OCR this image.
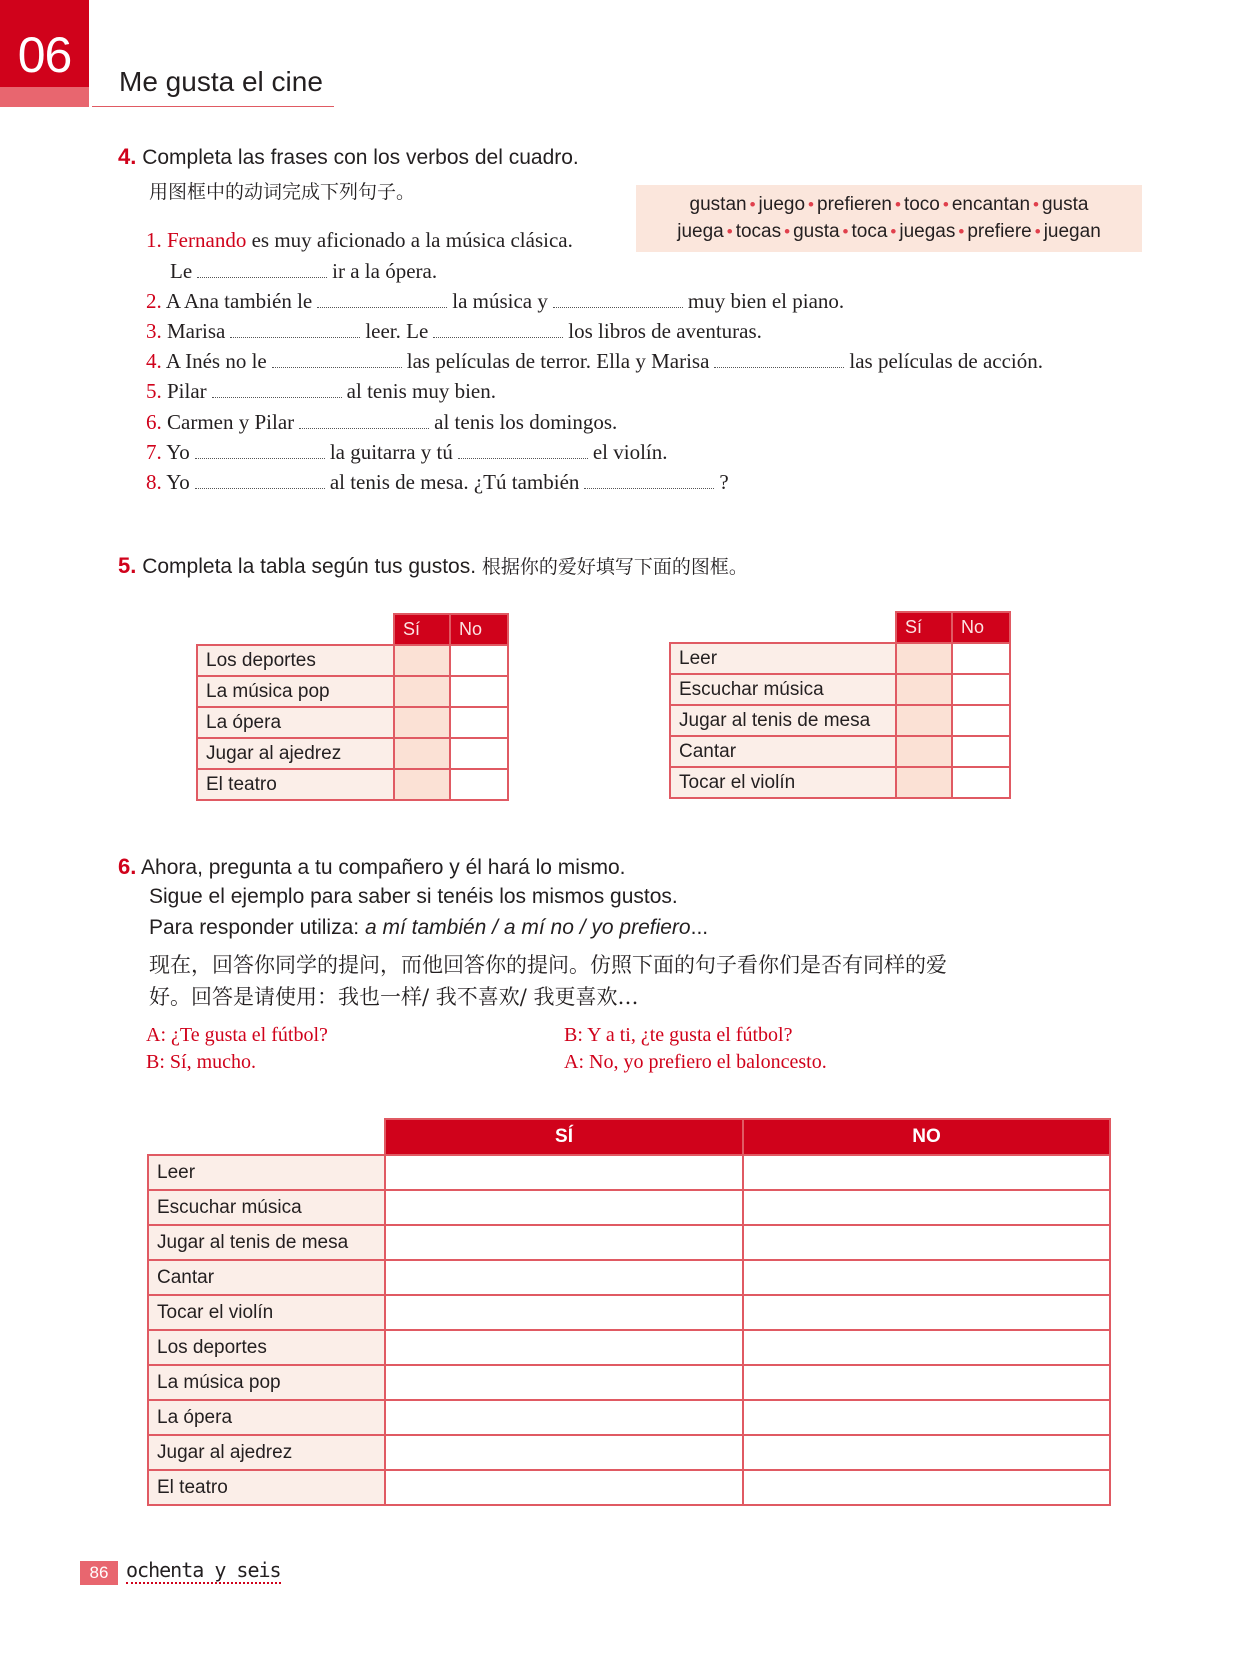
06	Me gusta el cine
4. Completa las frases con los verbos del cuadro.
用图框中的动词完成下列句子。
gustan • juego • prefieren • toco • encantan • gusta
juega • tocas • gusta • toca • juegas • prefiere • juegan
1. Fernando es muy aficionado a la música clásica.
Le	ir a la ópera.
2. A Ana también le	la música y	muy bien el piano.
3. Marisa	leer. Le	los libros de aventuras.
4. A Inés no le	las películas de terror. Ella y Marisa	las películas de acción.
5. Pilar	al tenis muy bien.
6. Carmen y Pilar	al tenis los domingos.
7. Yo	la guitarra y tú	el violín.
8. Yo	al tenis de mesa. ¿Tú también	?
5. Completa la tabla según tus gustos. 根据你的爱好填写下面的图框。
	Sí	No
Los deportes		
La música pop		
La ópera		
Jugar al ajedrez		
El teatro		
	Sí	No
Leer		
Escuchar música		
Jugar al tenis de mesa		
Cantar		
Tocar el violín		
6. Ahora, pregunta a tu compañero y él hará lo mismo.
Sigue el ejemplo para saber si tenéis los mismos gustos.
Para responder utiliza: a mí también / a mí no / yo prefiero...
现在，回答你同学的提问，而他回答你的提问。仿照下面的句子看你们是否有同样的爱
好。回答是请使用：我也一样/ 我不喜欢/ 我更喜欢…
A: ¿Te gusta el fútbol?
B: Sí, mucho.
B: Y a ti, ¿te gusta el fútbol?
A: No, yo prefiero el baloncesto.
	SÍ	NO
Leer		
Escuchar música		
Jugar al tenis de mesa		
Cantar		
Tocar el violín		
Los deportes		
La música pop		
La ópera		
Jugar al ajedrez		
El teatro		
86 ochenta y seis
